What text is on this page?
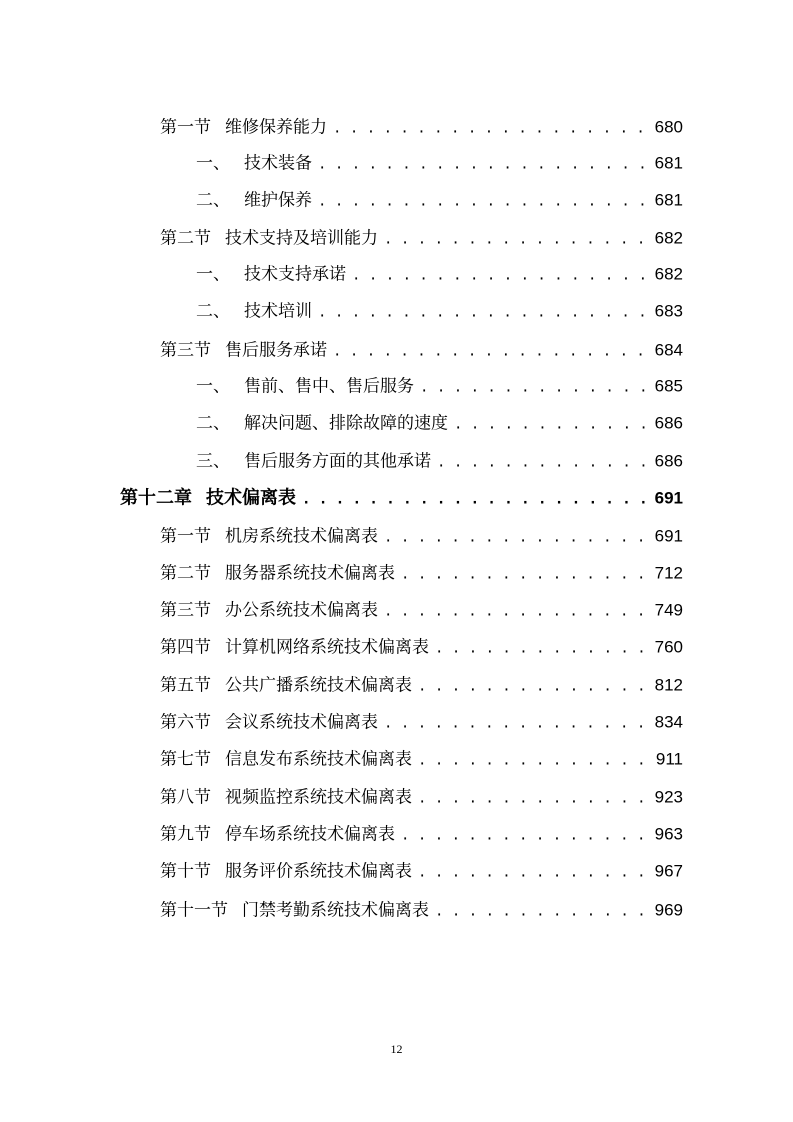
第一节 维修保养能力 . . .	680
一、 技术装备 . . .	681
二、 维护保养 . . .	681
第二节 技术支持及培训能力 . . .	682
一、 技术支持承诺 . . .	682
二、 技术培训 . . .	683
第三节 售后服务承诺 . . .	684
一、 售前、售中、售后服务 . . .	685
二、 解决问题、排除故障的速度 . . .	686
三、 售后服务方面的其他承诺 . . .	686
第十二章 技术偏离表 . . .	691
第一节 机房系统技术偏离表 . . .	691
第二节 服务器系统技术偏离表 . . .	712
第三节 办公系统技术偏离表 . . .	749
第四节 计算机网络系统技术偏离表 . . .	760
第五节 公共广播系统技术偏离表 . . .	812
第六节 会议系统技术偏离表 . . .	834
第七节 信息发布系统技术偏离表 . . .	911
第八节 视频监控系统技术偏离表 . . .	923
第九节 停车场系统技术偏离表 . . .	963
第十节 服务评价系统技术偏离表 . . .	967
第十一节 门禁考勤系统技术偏离表 . . .	969
12
